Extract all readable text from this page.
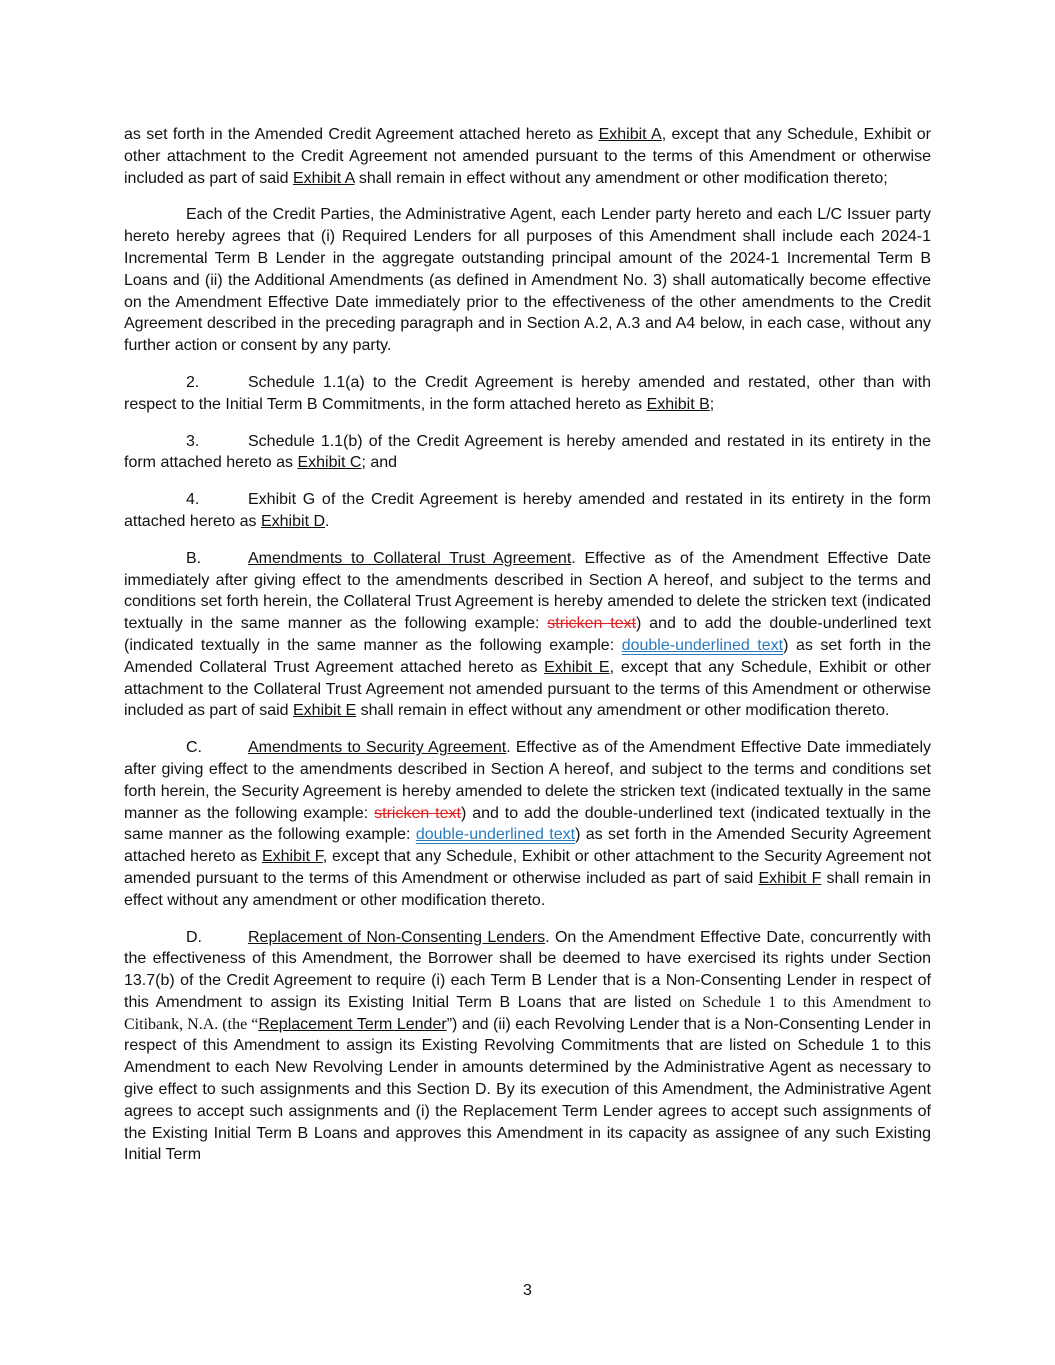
as set forth in the Amended Credit Agreement attached hereto as Exhibit A, except that any Schedule, Exhibit or other attachment to the Credit Agreement not amended pursuant to the terms of this Amendment or otherwise included as part of said Exhibit A shall remain in effect without any amendment or other modification thereto;

Each of the Credit Parties, the Administrative Agent, each Lender party hereto and each L/C Issuer party hereto hereby agrees that (i) Required Lenders for all purposes of this Amendment shall include each 2024-1 Incremental Term B Lender in the aggregate outstanding principal amount of the 2024-1 Incremental Term B Loans and (ii) the Additional Amendments (as defined in Amendment No. 3) shall automatically become effective on the Amendment Effective Date immediately prior to the effectiveness of the other amendments to the Credit Agreement described in the preceding paragraph and in Section A.2, A.3 and A4 below, in each case, without any further action or consent by any party.

2.	Schedule 1.1(a) to the Credit Agreement is hereby amended and restated, other than with respect to the Initial Term B Commitments, in the form attached hereto as Exhibit B;

3.	Schedule 1.1(b) of the Credit Agreement is hereby amended and restated in its entirety in the form attached hereto as Exhibit C; and

4.	Exhibit G of the Credit Agreement is hereby amended and restated in its entirety in the form attached hereto as Exhibit D.

B.	Amendments to Collateral Trust Agreement. Effective as of the Amendment Effective Date immediately after giving effect to the amendments described in Section A hereof, and subject to the terms and conditions set forth herein, the Collateral Trust Agreement is hereby amended to delete the stricken text (indicated textually in the same manner as the following example: stricken text) and to add the double-underlined text (indicated textually in the same manner as the following example: double-underlined text) as set forth in the Amended Collateral Trust Agreement attached hereto as Exhibit E, except that any Schedule, Exhibit or other attachment to the Collateral Trust Agreement not amended pursuant to the terms of this Amendment or otherwise included as part of said Exhibit E shall remain in effect without any amendment or other modification thereto.

C.	Amendments to Security Agreement. Effective as of the Amendment Effective Date immediately after giving effect to the amendments described in Section A hereof, and subject to the terms and conditions set forth herein, the Security Agreement is hereby amended to delete the stricken text (indicated textually in the same manner as the following example: stricken text) and to add the double-underlined text (indicated textually in the same manner as the following example: double-underlined text) as set forth in the Amended Security Agreement attached hereto as Exhibit F, except that any Schedule, Exhibit or other attachment to the Security Agreement not amended pursuant to the terms of this Amendment or otherwise included as part of said Exhibit F shall remain in effect without any amendment or other modification thereto.

D.	Replacement of Non-Consenting Lenders. On the Amendment Effective Date, concurrently with the effectiveness of this Amendment, the Borrower shall be deemed to have exercised its rights under Section 13.7(b) of the Credit Agreement to require (i) each Term B Lender that is a Non-Consenting Lender in respect of this Amendment to assign its Existing Initial Term B Loans that are listed on Schedule 1 to this Amendment to Citibank, N.A. (the “Replacement Term Lender”) and (ii) each Revolving Lender that is a Non-Consenting Lender in respect of this Amendment to assign its Existing Revolving Commitments that are listed on Schedule 1 to this Amendment to each New Revolving Lender in amounts determined by the Administrative Agent as necessary to give effect to such assignments and this Section D. By its execution of this Amendment, the Administrative Agent agrees to accept such assignments and (i) the Replacement Term Lender agrees to accept such assignments of the Existing Initial Term B Loans and approves this Amendment in its capacity as assignee of any such Existing Initial Term

3
